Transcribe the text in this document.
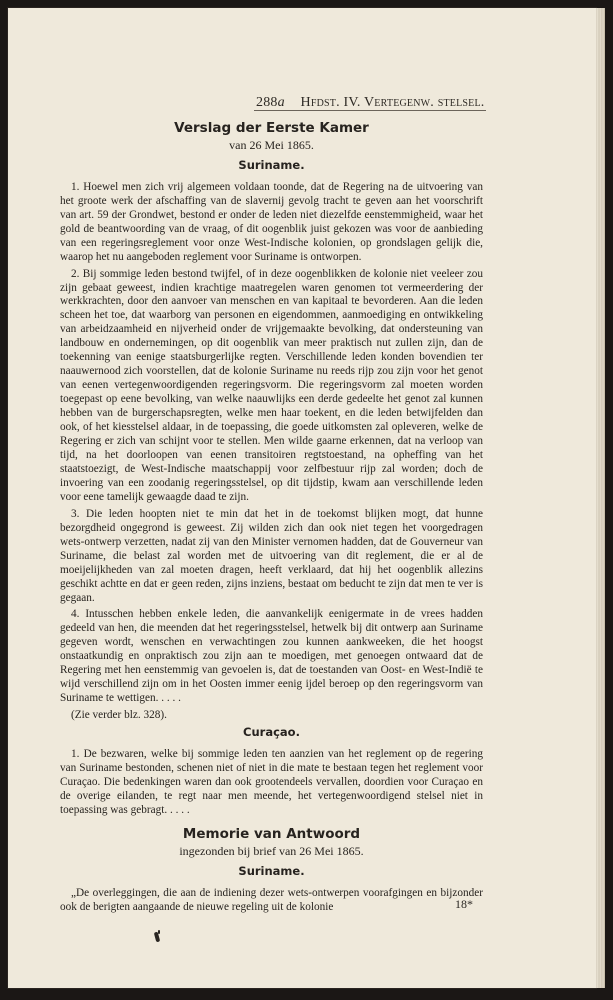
288a Hfdst. IV. Vertegenw. stelsel.
Verslag der Eerste Kamer
van 26 Mei 1865.
Suriname.

1. Hoewel men zich vrij algemeen voldaan toonde, dat de Regering na de uitvoering van het groote werk der afschaffing van de slavernij gevolg tracht te geven aan het voorschrift van art. 59 der Grondwet, bestond er onder de leden niet diezelfde eenstemmigheid, waar het gold de beantwoording van de vraag, of dit oogenblik juist gekozen was voor de aanbieding van een regeringsreglement voor onze West-Indische kolonien, op grondslagen gelijk die, waarop het nu aangeboden reglement voor Suriname is ontworpen.

2. Bij sommige leden bestond twijfel, of in deze oogenblikken de kolonie niet veeleer zou zijn gebaat geweest, indien krachtige maatregelen waren genomen tot vermeerdering der werkkrachten, door den aanvoer van menschen en van kapitaal te bevorderen. Aan die leden scheen het toe, dat waarborg van personen en eigendommen, aanmoediging en ontwikkeling van arbeidzaamheid en nijverheid onder de vrijgemaakte bevolking, dat ondersteuning van landbouw en ondernemingen, op dit oogenblik van meer praktisch nut zullen zijn, dan de toekenning van eenige staatsburgerlijke regten. Verschillende leden konden bovendien ter naauwernood zich voorstellen, dat de kolonie Suriname nu reeds rijp zou zijn voor het genot van eenen vertegenwoordigenden regeringsvorm. Die regeringsvorm zal moeten worden toegepast op eene bevolking, van welke naauwlijks een derde gedeelte het genot zal kunnen hebben van de burgerschapsregten, welke men haar toekent, en die leden betwijfelden dan ook, of het kiesstelsel aldaar, in de toepassing, die goede uitkomsten zal opleveren, welke de Regering er zich van schijnt voor te stellen. Men wilde gaarne erkennen, dat na verloop van tijd, na het doorloopen van eenen transitoiren regtstoestand, na opheffing van het staatstoezigt, de West-Indische maatschappij voor zelfbestuur rijp zal worden; doch de invoering van een zoodanig regeringsstelsel, op dit tijdstip, kwam aan verschillende leden voor eene tamelijk gewaagde daad te zijn.

3. Die leden hoopten niet te min dat het in de toekomst blijken mogt, dat hunne bezorgdheid ongegrond is geweest. Zij wilden zich dan ook niet tegen het voorgedragen wets-ontwerp verzetten, nadat zij van den Minister vernomen hadden, dat de Gouverneur van Suriname, die belast zal worden met de uitvoering van dit reglement, die er al de moeijelijkheden van zal moeten dragen, heeft verklaard, dat hij het oogenblik allezins geschikt achtte en dat er geen reden, zijns inziens, bestaat om beducht te zijn dat men te ver is gegaan.

4. Intusschen hebben enkele leden, die aanvankelijk eenigermate in de vrees hadden gedeeld van hen, die meenden dat het regeringsstelsel, hetwelk bij dit ontwerp aan Suriname gegeven wordt, wenschen en verwachtingen zou kunnen aankweeken, die het hoogst onstaatkundig en onpraktisch zou zijn aan te moedigen, met genoegen ontwaard dat de Regering met hen eenstemmig van gevoelen is, dat de toestanden van Oost- en West-Indië te wijd verschillend zijn om in het Oosten immer eenig ijdel beroep op den regeringsvorm van Suriname te wettigen. . . . .

(Zie verder blz. 328).

Curaçao.

1. De bezwaren, welke bij sommige leden ten aanzien van het reglement op de regering van Suriname bestonden, schenen niet of niet in die mate te bestaan tegen het reglement voor Curaçao. Die bedenkingen waren dan ook grootendeels vervallen, doordien voor Curaçao en de overige eilanden, te regt naar men meende, het vertegenwoordigend stelsel niet in toepassing was gebragt. . . . .

Memorie van Antwoord
ingezonden bij brief van 26 Mei 1865.
Suriname.

„De overleggingen, die aan de indiening dezer wets-ontwerpen voorafgingen en bijzonder ook de berigten aangaande de nieuwe regeling uit de kolonie	18*
